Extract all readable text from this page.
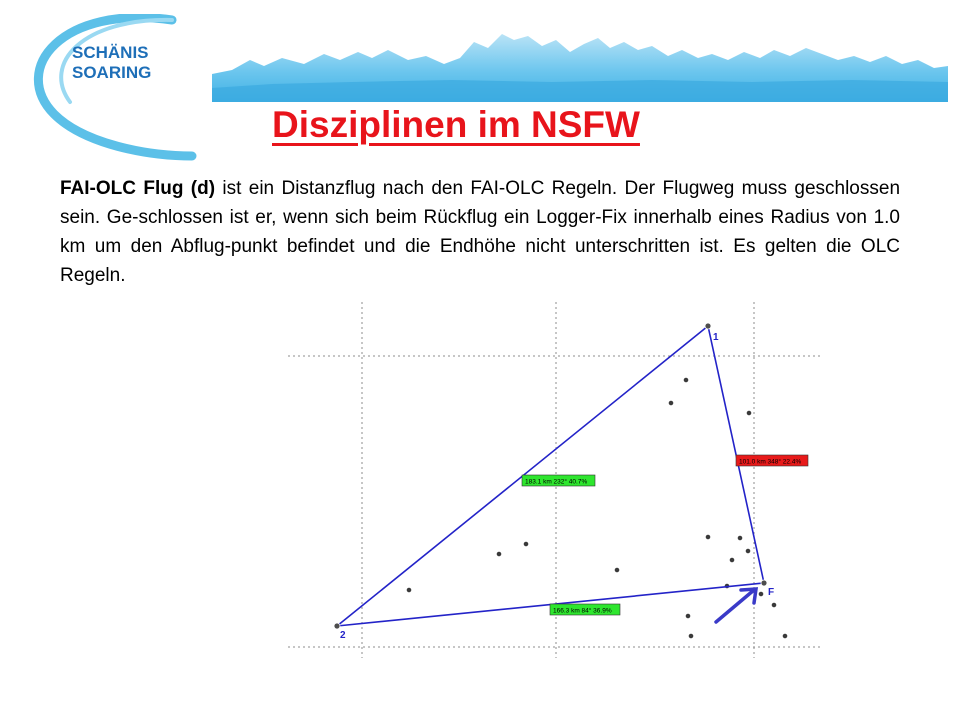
SCHÄNIS
SOARING
Disziplinen im NSFW

FAI-OLC Flug (d) ist ein Distanzflug nach den FAI-OLC Regeln. Der Flugweg muss geschlossen sein. Ge-schlossen ist er, wenn sich beim Rückflug ein Logger-Fix innerhalb eines Radius von 1.0 km um den Abflug-punkt befindet und die Endhöhe nicht unterschritten ist. Es gelten die OLC Regeln.

1
2
F
183.1 km 232° 40.7%
166.3 km 84° 36.9%
101.0 km 348° 22.4%
